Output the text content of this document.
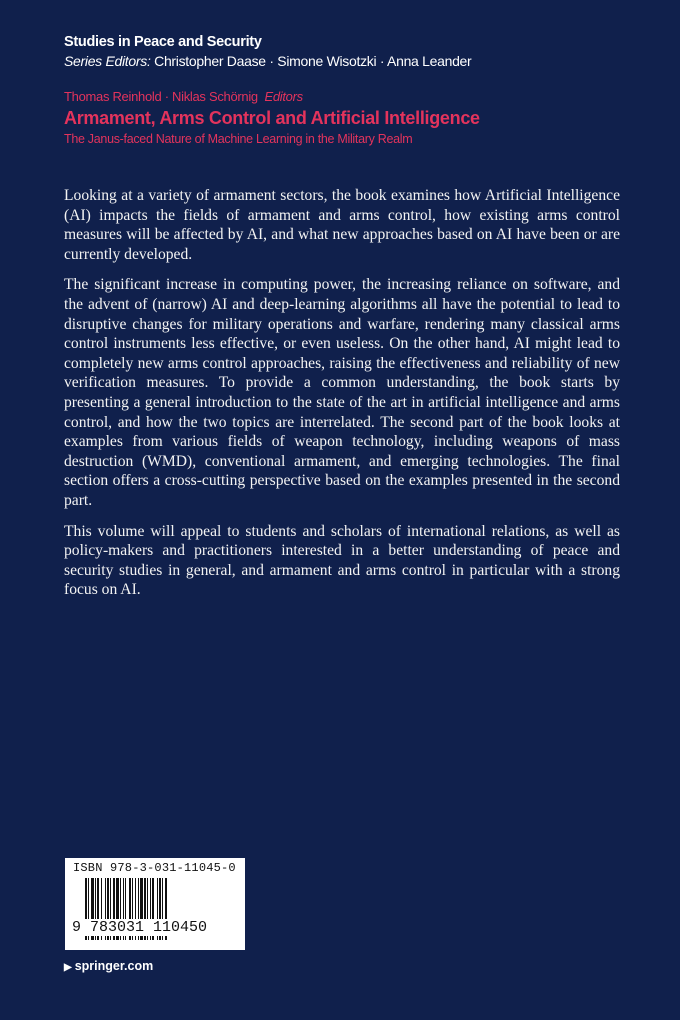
Studies in Peace and Security
Series Editors: Christopher Daase · Simone Wisotzki · Anna Leander
Thomas Reinhold · Niklas Schörnig Editors
Armament, Arms Control and Artificial Intelligence
The Janus-faced Nature of Machine Learning in the Military Realm

Looking at a variety of armament sectors, the book examines how Artificial Intelligence (AI) impacts the fields of armament and arms control, how existing arms control measures will be affected by AI, and what new approaches based on AI have been or are currently developed.

The significant increase in computing power, the increasing reliance on software, and the advent of (narrow) AI and deep-learning algorithms all have the potential to lead to disruptive changes for military operations and warfare, rendering many classical arms control instruments less effective, or even useless. On the other hand, AI might lead to completely new arms control approaches, raising the effectiveness and reliability of new verification measures. To provide a common understanding, the book starts by presenting a general introduction to the state of the art in artificial intelligence and arms control, and how the two topics are interrelated. The second part of the book looks at examples from various fields of weapon technology, including weapons of mass destruction (WMD), conventional armament, and emerging technologies. The final section offers a cross-cutting perspective based on the examples presented in the second part.

This volume will appeal to students and scholars of international relations, as well as policy-makers and practitioners interested in a better understanding of peace and security studies in general, and armament and arms control in particular with a strong focus on AI.

ISBN 978-3-031-11045-0
9 783031 110450
▶ springer.com
